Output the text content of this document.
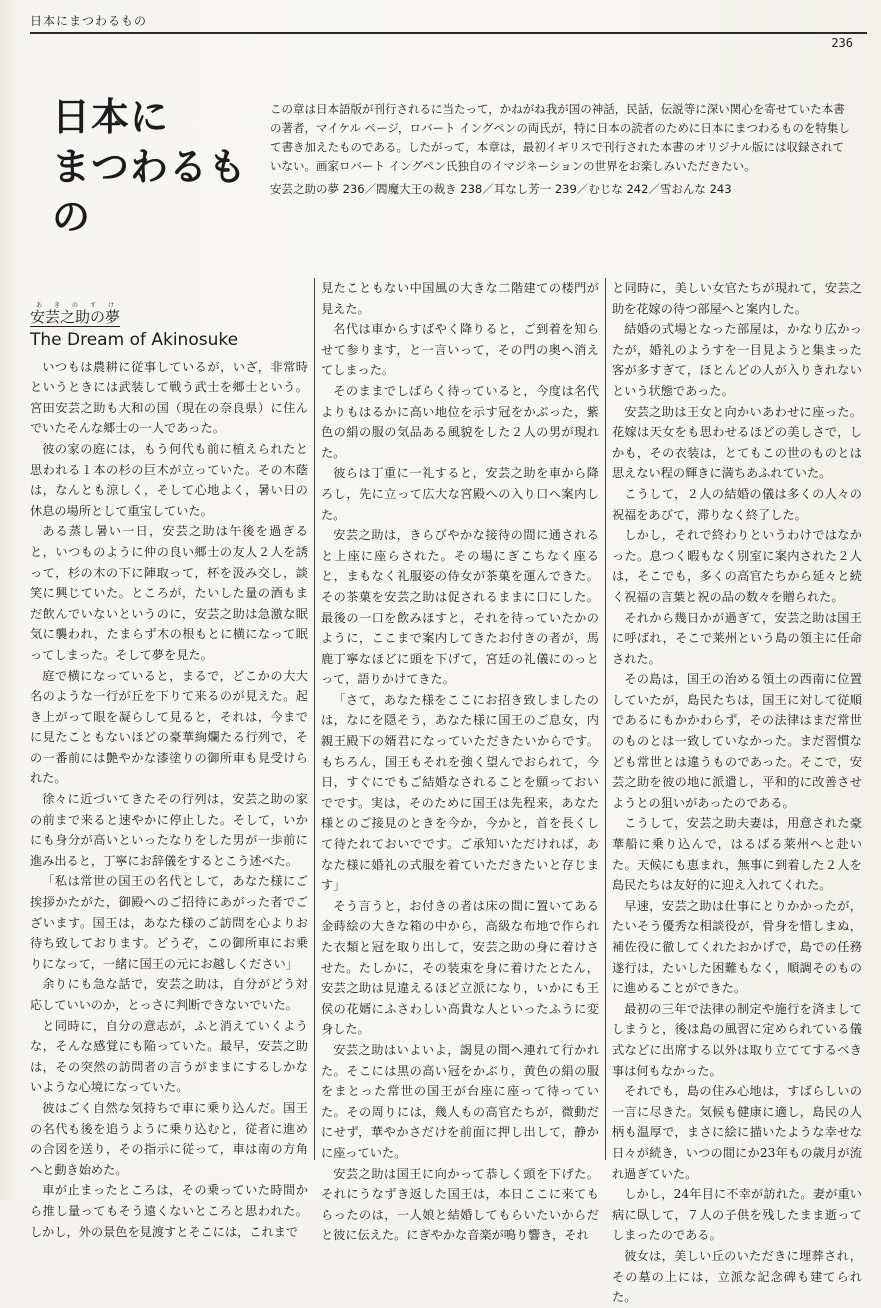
日本にまつわるもの
236
日本に
まつわるもの

この章は日本語版が刊行されるに当たって，かねがね我が国の神話，民話，伝説等に深い関心を寄せていた本書の著者，マイケル ページ，ロバート イングペンの両氏が，特に日本の読者のために日本にまつわるものを特集して書き加えたものである。したがって，本章は，最初イギリスで刊行された本書のオリジナル版には収録されていない。画家ロバート イングペン氏独自のイマジネーションの世界をお楽しみいただきたい。

安芸之助の夢 236／閻魔大王の裁き 238／耳なし芳一 239／むじな 242／雪おんな 243

安芸之助の夢あきのすけ
The Dream of Akinosuke

いつもは農耕に従事しているが，いざ，非常時というときには武装して戦う武士を郷士という。宮田安芸之助も大和の国（現在の奈良県）に住んでいたそんな郷士の一人であった。

彼の家の庭には，もう何代も前に植えられたと思われる１本の杉の巨木が立っていた。その木蔭は，なんとも涼しく，そして心地よく，暑い日の休息の場所として重宝していた。

ある蒸し暑い一日，安芸之助は午後を過ぎると，いつものように仲の良い郷士の友人２人を誘って，杉の木の下に陣取って，杯を汲み交し，談笑に興じていた。ところが，たいした量の酒もまだ飲んでいないというのに，安芸之助は急激な眠気に襲われ，たまらず木の根もとに横になって眠ってしまった。そして夢を見た。

庭で横になっていると，まるで，どこかの大大名のような一行が丘を下りて来るのが見えた。起き上がって眼を凝らして見ると，それは，今までに見たこともないほどの豪華絢爛たる行列で，その一番前には艶やかな漆塗りの御所車も見受けられた。

徐々に近づいてきたその行列は，安芸之助の家の前まで来ると速やかに停止した。そして，いかにも身分が高いといったなりをした男が一歩前に進み出ると，丁寧にお辞儀をするとこう述べた。

「私は常世の国王の名代として，あなた様にご挨拶かたがた，御殿へのご招待にあがった者でございます。国王は，あなた様のご訪問を心よりお待ち致しております。どうぞ，この御所車にお乗りになって，一緒に国王の元にお越しください」

余りにも急な話で，安芸之助は，自分がどう対応していいのか，とっさに判断できないでいた。

と同時に，自分の意志が，ふと消えていくような，そんな感覚にも陥っていた。最早，安芸之助は，その突然の訪問者の言うがままにするしかないような心境になっていた。

彼はごく自然な気持ちで車に乗り込んだ。国王の名代も後を追うように乗り込むと，従者に進めの合図を送り，その指示に従って，車は南の方角へと動き始めた。

車が止まったところは，その乗っていた時間から推し量ってもそう遠くないところと思われた。しかし，外の景色を見渡すとそこには，これまで

見たこともない中国風の大きな二階建ての楼門が見えた。

名代は車からすばやく降りると，ご到着を知らせて参ります，と一言いって，その門の奥へ消えてしまった。

そのままでしばらく待っていると，今度は名代よりもはるかに高い地位を示す冠をかぶった，紫色の絹の服の気品ある風貌をした２人の男が現れた。

彼らは丁重に一礼すると，安芸之助を車から降ろし，先に立って広大な宮殿への入り口へ案内した。

安芸之助は，きらびやかな接待の間に通されると上座に座らされた。その場にぎこちなく座ると，まもなく礼服姿の侍女が茶菓を運んできた。その茶菓を安芸之助は促されるままに口にした。最後の一口を飲みほすと，それを待っていたかのように，ここまで案内してきたお付きの者が，馬鹿丁寧なほどに頭を下げて，宮廷の礼儀にのっとって，語りかけてきた。

「さて，あなた様をここにお招き致しましたのは，なにを隠そう，あなた様に国王のご息女，内親王殿下の婿君になっていただきたいからです。もちろん，国王もそれを強く望んでおられて，今日，すぐにでもご結婚なされることを願っておいでです。実は，そのために国王は先程来，あなた様とのご接見のときを今か，今かと，首を長くして待たれておいでです。ご承知いただければ，あなた様に婚礼の式服を着ていただきたいと存じます」

そう言うと，お付きの者は床の間に置いてある金蒔絵の大きな箱の中から，高級な布地で作られた衣類と冠を取り出して，安芸之助の身に着けさせた。たしかに，その装束を身に着けたとたん，安芸之助は見違えるほど立派になり，いかにも王侯の花婿にふさわしい高貴な人といったふうに変身した。

安芸之助はいよいよ，謁見の間へ連れて行かれた。そこには黒の高い冠をかぶり，黄色の絹の服をまとった常世の国王が台座に座って待っていた。その周りには，幾人もの高官たちが，微動だにせず，華やかさだけを前面に押し出して，静かに座っていた。

安芸之助は国王に向かって恭しく頭を下げた。それにうなずき返した国王は，本日ここに来てもらったのは，一人娘と結婚してもらいたいからだと彼に伝えた。にぎやかな音楽が鳴り響き，それ

と同時に，美しい女官たちが現れて，安芸之助を花嫁の待つ部屋へと案内した。

結婚の式場となった部屋は，かなり広かったが，婚礼のようすを一目見ようと集まった客が多すぎて，ほとんどの人が入りきれないという状態であった。

安芸之助は王女と向かいあわせに座った。花嫁は天女をも思わせるほどの美しさで，しかも，その衣装は，とてもこの世のものとは思えない程の輝きに満ちあふれていた。

こうして，２人の結婚の儀は多くの人々の祝福をあびて，滞りなく終了した。

しかし，それで終わりというわけではなかった。息つく暇もなく別室に案内された２人は，そこでも，多くの高官たちから延々と続く祝福の言葉と祝の品の数々を贈られた。

それから幾日かが過ぎて，安芸之助は国王に呼ばれ，そこで莱州という島の領主に任命された。

その島は，国王の治める領土の西南に位置していたが，島民たちは，国王に対して従順であるにもかかわらず，その法律はまだ常世のものとは一致していなかった。まだ習慣なども常世とは違うものであった。そこで，安芸之助を彼の地に派遣し，平和的に改善させようとの狙いがあったのである。

こうして，安芸之助夫妻は，用意された豪華船に乗り込んで，はるばる莱州へと赴いた。天候にも恵まれ，無事に到着した２人を島民たちは友好的に迎え入れてくれた。

早速，安芸之助は仕事にとりかかったが，たいそう優秀な相談役が，骨身を惜しまぬ，補佐役に徹してくれたおかげで，島での任務遂行は，たいした困難もなく，順調そのものに進めることができた。

最初の三年で法律の制定や施行を済ましてしまうと，後は島の風習に定められている儀式などに出席する以外は取り立ててするべき事は何もなかった。

それでも，島の住み心地は，すばらしいの一言に尽きた。気候も健康に適し，島民の人柄も温厚で，まさに絵に描いたような幸せな日々が続き，いつの間にか23年もの歳月が流れ過ぎていた。

しかし，24年目に不幸が訪れた。妻が重い病に臥して，７人の子供を残したまま逝ってしまったのである。

彼女は，美しい丘のいただきに埋葬され，その墓の上には，立派な記念碑も建てられた。
